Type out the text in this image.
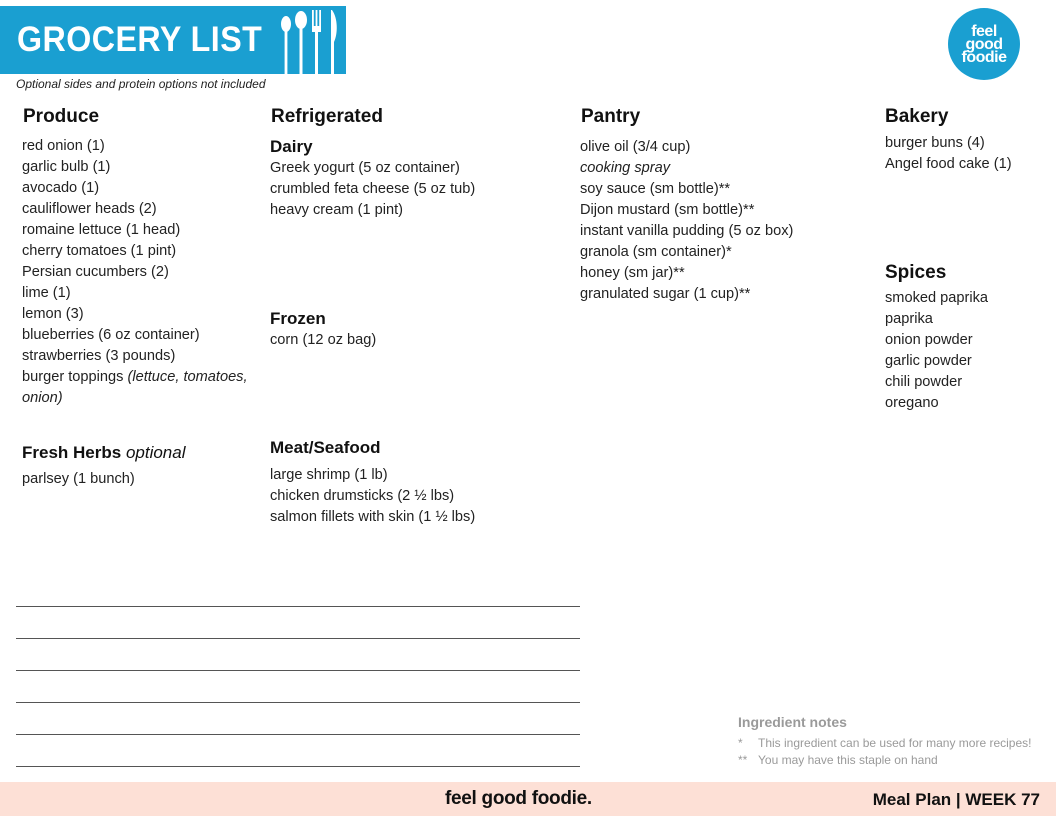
GROCERY LIST
Optional sides and protein options not included
feel
good
foodie
Produce
red onion (1)
garlic bulb (1)
avocado (1)
cauliflower heads (2)
romaine lettuce (1 head)
cherry tomatoes (1 pint)
Persian cucumbers (2)
lime (1)
lemon (3)
blueberries (6 oz container)
strawberries (3 pounds)
burger toppings (lettuce, tomatoes, onion)
Fresh Herbs optional
parlsey (1 bunch)
Refrigerated
Dairy
Greek yogurt (5 oz container)
crumbled feta cheese (5 oz tub)
heavy cream (1 pint)
Frozen
corn (12 oz bag)
Meat/Seafood
large shrimp (1 lb)
chicken drumsticks (2 ½ lbs)
salmon fillets with skin (1 ½ lbs)
Pantry
olive oil (3/4 cup)
cooking spray
soy sauce (sm bottle)**
Dijon mustard (sm bottle)**
instant vanilla pudding (5 oz box)
granola (sm container)*
honey (sm jar)**
granulated sugar (1 cup)**
Bakery
burger buns (4)
Angel food cake (1)
Spices
smoked paprika
paprika
onion powder
garlic powder
chili powder
oregano
Ingredient notes
* This ingredient can be used for many more recipes!
** You may have this staple on hand
feel good foodie.	Meal Plan | WEEK 77
